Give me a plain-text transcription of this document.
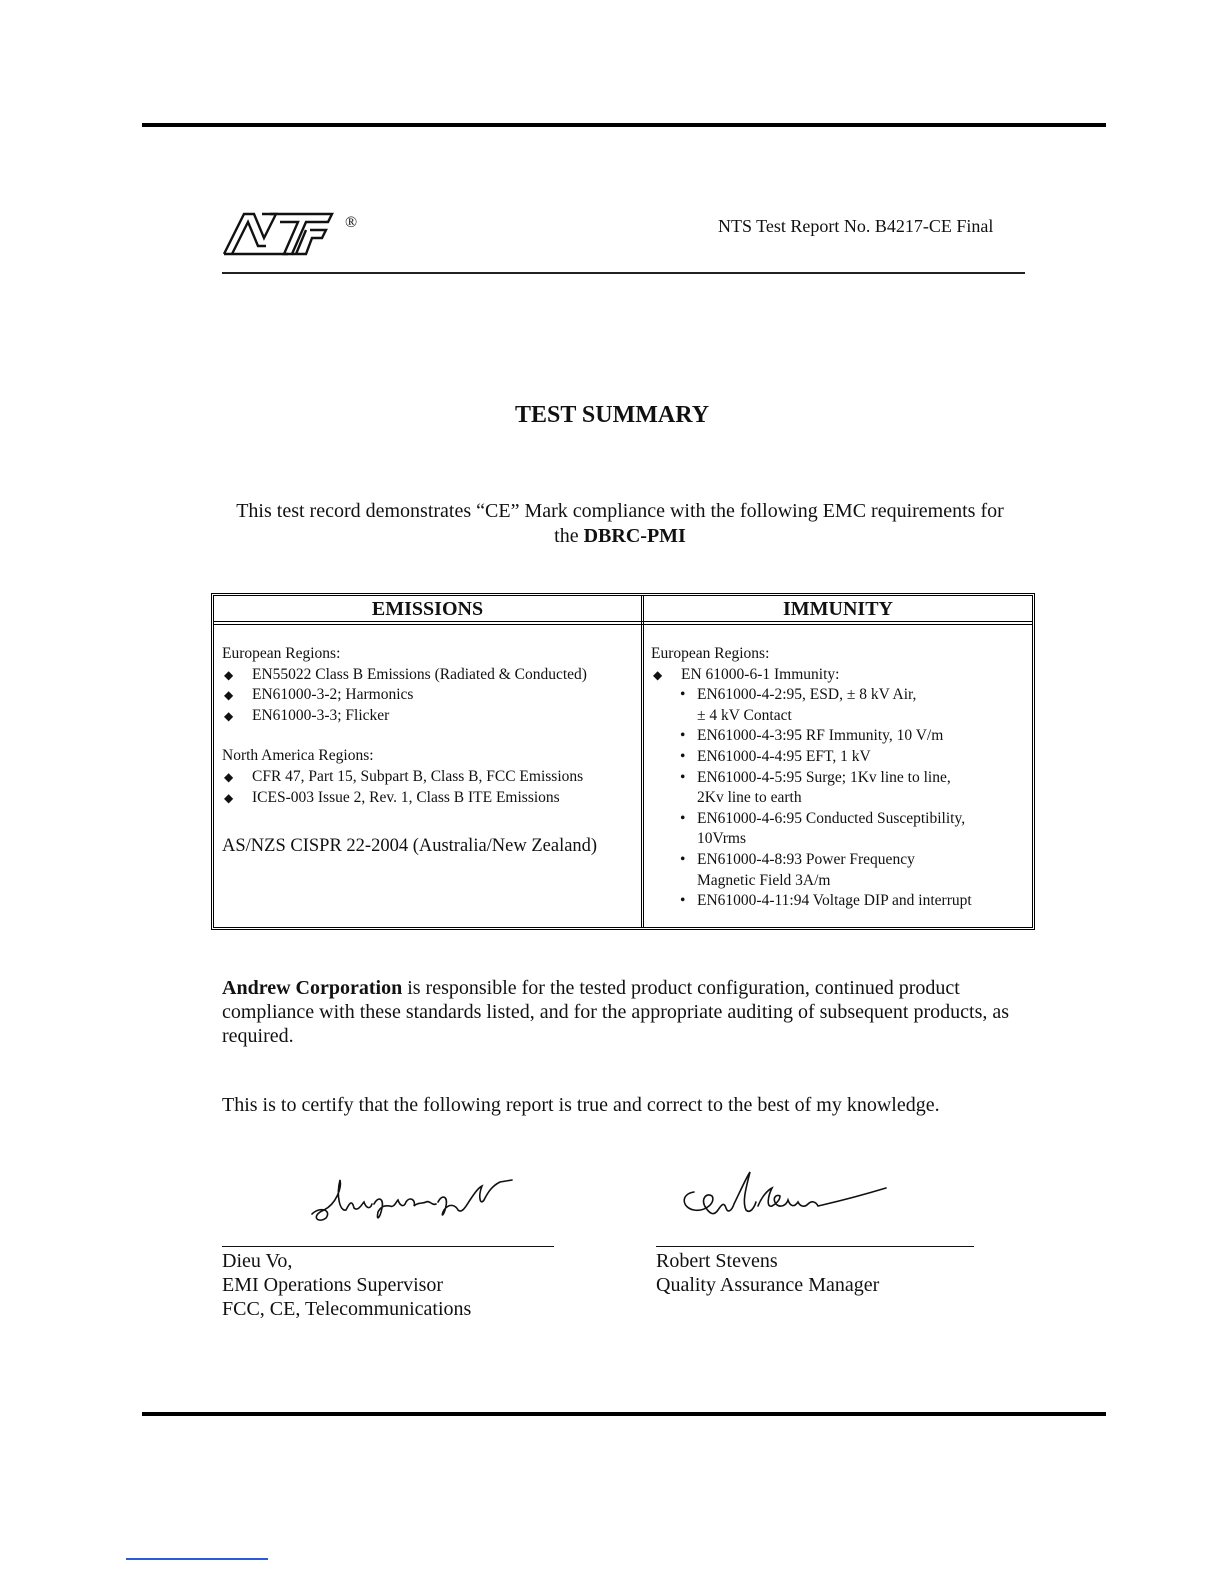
®	NTS Test Report No. B4217-CE Final
TEST SUMMARY
This test record demonstrates “CE” Mark compliance with the following EMC requirements for
the DBRC-PMI
EMISSIONS	IMMUNITY
European Regions:
◆ EN55022 Class B Emissions (Radiated & Conducted)
◆ EN61000-3-2; Harmonics
◆ EN61000-3-3; Flicker
North America Regions:
◆ CFR 47, Part 15, Subpart B, Class B, FCC Emissions
◆ ICES-003 Issue 2, Rev. 1, Class B ITE Emissions
AS/NZS CISPR 22-2004 (Australia/New Zealand)
European Regions:
◆ EN 61000-6-1 Immunity:
• EN61000-4-2:95, ESD, ± 8 kV Air,
± 4 kV Contact
• EN61000-4-3:95 RF Immunity, 10 V/m
• EN61000-4-4:95 EFT, 1 kV
• EN61000-4-5:95 Surge; 1Kv line to line,
2Kv line to earth
• EN61000-4-6:95 Conducted Susceptibility,
10Vrms
• EN61000-4-8:93 Power Frequency
Magnetic Field 3A/m
• EN61000-4-11:94 Voltage DIP and interrupt
Andrew Corporation is responsible for the tested product configuration, continued product compliance with these standards listed, and for the appropriate auditing of subsequent products, as required.
This is to certify that the following report is true and correct to the best of my knowledge.
Dieu Vo,
EMI Operations Supervisor
FCC, CE, Telecommunications
Robert Stevens
Quality Assurance Manager
